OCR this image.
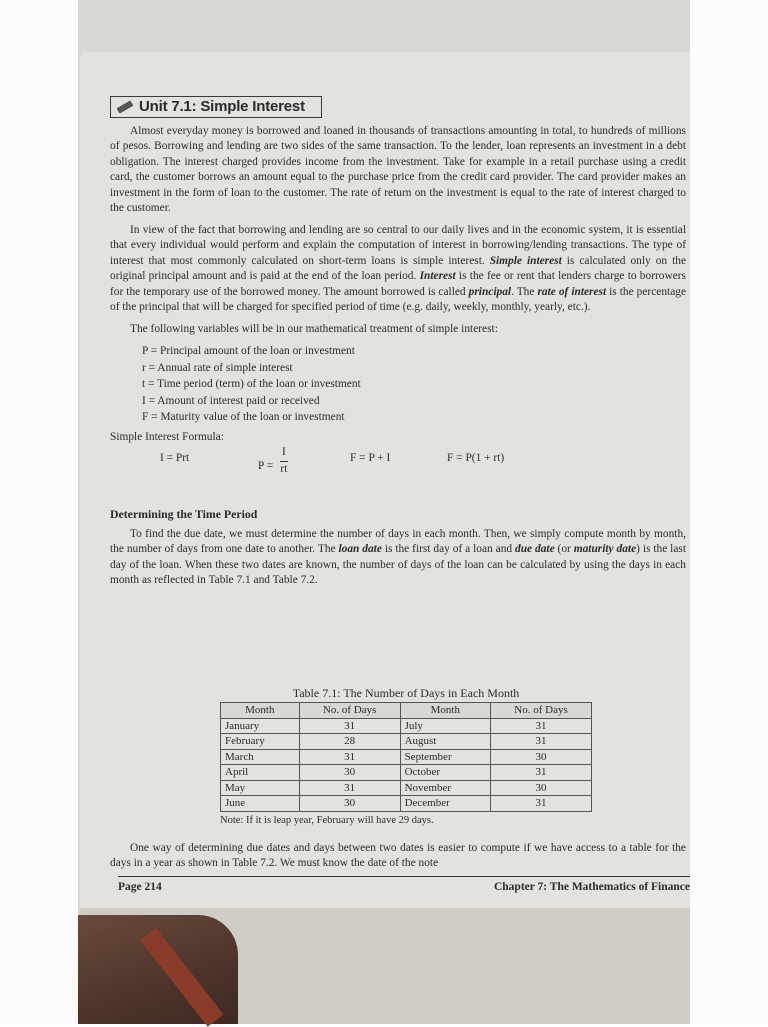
Unit 7.1: Simple Interest

Almost everyday money is borrowed and loaned in thousands of transactions amounting in total, to hundreds of millions of pesos. Borrowing and lending are two sides of the same transaction. To the lender, loan represents an investment in a debt obligation. The interest charged provides income from the investment. Take for example in a retail purchase using a credit card, the customer borrows an amount equal to the purchase price from the credit card provider. The card provider makes an investment in the form of loan to the customer. The rate of return on the investment is equal to the rate of interest charged to the customer.

In view of the fact that borrowing and lending are so central to our daily lives and in the economic system, it is essential that every individual would perform and explain the computation of interest in borrowing/lending transactions. The type of interest that most commonly calculated on short-term loans is simple interest. Simple interest is calculated only on the original principal amount and is paid at the end of the loan period. Interest is the fee or rent that lenders charge to borrowers for the temporary use of the borrowed money. The amount borrowed is called principal. The rate of interest is the percentage of the principal that will be charged for specified period of time (e.g. daily, weekly, monthly, yearly, etc.).

The following variables will be in our mathematical treatment of simple interest:

P = Principal amount of the loan or investment
r = Annual rate of simple interest
t = Time period (term) of the loan or investment
I = Amount of interest paid or received
F = Maturity value of the loan or investment
Simple Interest Formula:
I = Prt
$P = \frac{I}{rt}$	F = P + I	F = P(1 + rt)
Determining the Time Period

To find the due date, we must determine the number of days in each month. Then, we simply compute month by month, the number of days from one date to another. The loan date is the first day of a loan and due date (or maturity date) is the last day of the loan. When these two dates are known, the number of days of the loan can be calculated by using the days in each month as reflected in Table 7.1 and Table 7.2.

Table 7.1: The Number of Days in Each Month
Month	No. of Days	Month	No. of Days
January	31	July	31
February	28	August	31
March	31	September	30
April	30	October	31
May	31	November	30
June	30	December	31
Note: If it is leap year, February will have 29 days.

One way of determining due dates and days between two dates is easier to compute if we have access to a table for the days in a year as shown in Table 7.2. We must know the date of the note

Page 214	Chapter 7: The Mathematics of Finance
